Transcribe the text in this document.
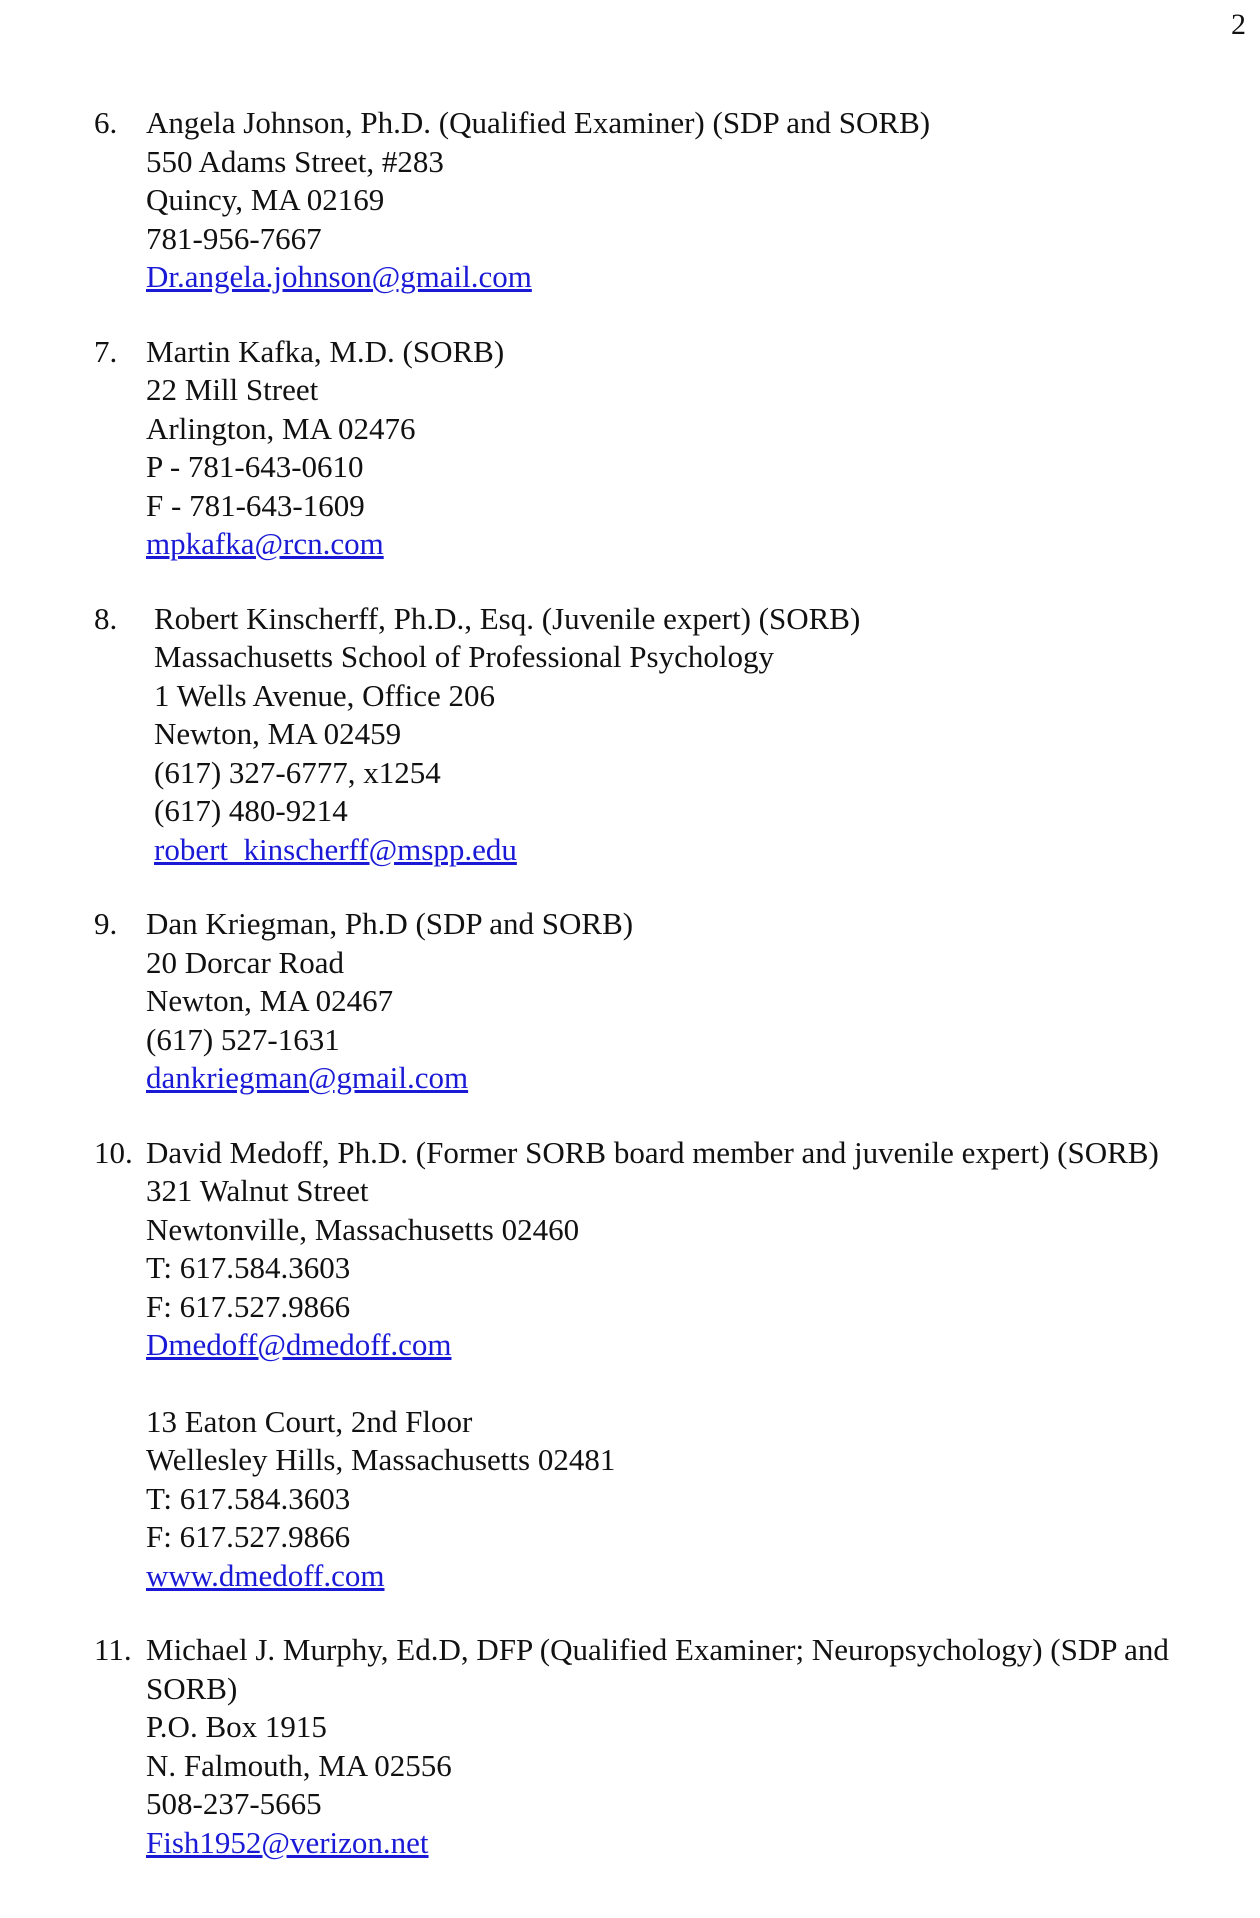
2
6. Angela Johnson, Ph.D. (Qualified Examiner) (SDP and SORB)
550 Adams Street, #283
Quincy, MA 02169
781-956-7667
Dr.angela.johnson@gmail.com
7. Martin Kafka, M.D. (SORB)
22 Mill Street
Arlington, MA 02476
P - 781-643-0610
F - 781-643-1609
mpkafka@rcn.com
8.	Robert Kinscherff, Ph.D., Esq. (Juvenile expert) (SORB)
Massachusetts School of Professional Psychology
1 Wells Avenue, Office 206
Newton, MA 02459
(617) 327-6777, x1254
(617) 480-9214
robert_kinscherff@mspp.edu
9. Dan Kriegman, Ph.D (SDP and SORB)
20 Dorcar Road
Newton, MA 02467
(617) 527-1631
dankriegman@gmail.com
10. David Medoff, Ph.D. (Former SORB board member and juvenile expert) (SORB)
321 Walnut Street
Newtonville, Massachusetts 02460
T: 617.584.3603
F: 617.527.9866
Dmedoff@dmedoff.com
13 Eaton Court, 2nd Floor
Wellesley Hills, Massachusetts 02481
T: 617.584.3603
F: 617.527.9866
www.dmedoff.com
11. Michael J. Murphy, Ed.D, DFP (Qualified Examiner; Neuropsychology) (SDP and SORB)
P.O. Box 1915
N. Falmouth, MA 02556
508-237-5665
Fish1952@verizon.net
